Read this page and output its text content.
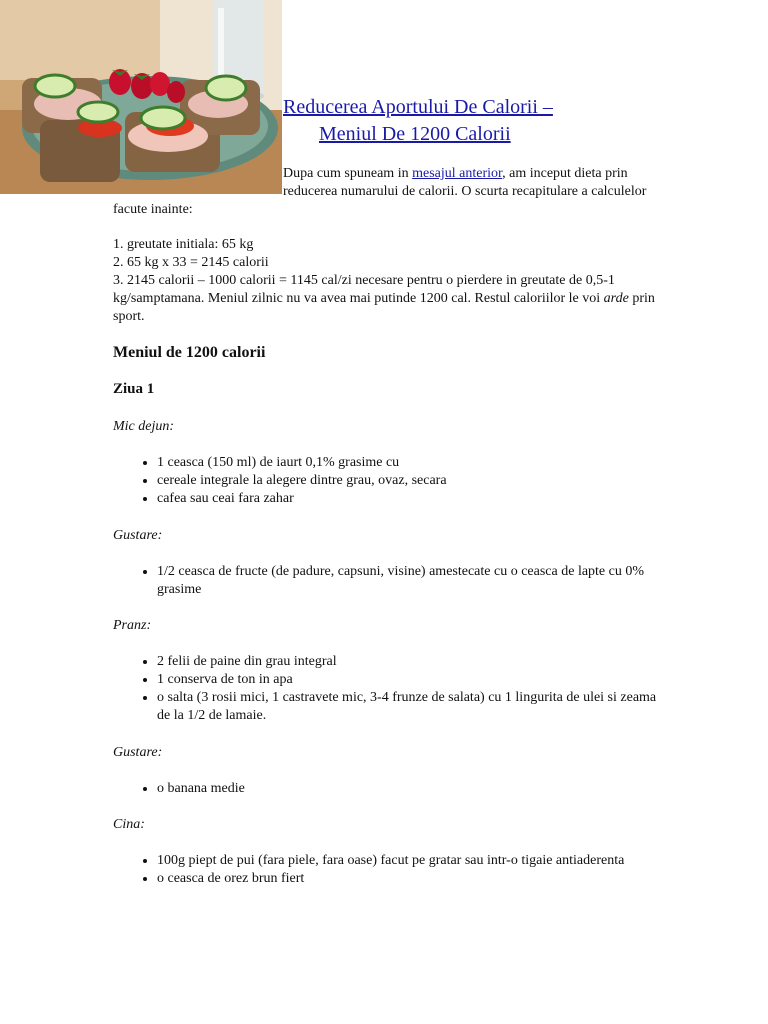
Reducerea Aportului De Calorii –
Meniul De 1200 Calorii

Dupa cum spuneam in mesajul anterior, am inceput dieta prin reducerea numarului de calorii. O scurta recapitulare a calculelor facute inainte:

1. greutate initiala: 65 kg

2. 65 kg x 33 = 2145 calorii

3. 2145 calorii – 1000 calorii = 1145 cal/zi necesare pentru o pierdere in greutate de 0,5-1 kg/samptamana. Meniul zilnic nu va avea mai putinde 1200 cal. Restul caloriilor le voi arde prin sport.

Meniul de 1200 calorii
Ziua 1

Mic dejun:

• 1 ceasca (150 ml) de iaurt 0,1% grasime cu
• cereale integrale la alegere dintre grau, ovaz, secara
• cafea sau ceai fara zahar

Gustare:

• 1/2 ceasca de fructe (de padure, capsuni, visine) amestecate cu o ceasca de lapte cu 0% grasime

Pranz:

• 2 felii de paine din grau integral
• 1 conserva de ton in apa
• o salta (3 rosii mici, 1 castravete mic, 3-4 frunze de salata) cu 1 lingurita de ulei si zeama de la 1/2 de lamaie.

Gustare:

• o banana medie

Cina:

• 100g piept de pui (fara piele, fara oase) facut pe gratar sau intr-o tigaie antiaderenta
• o ceasca de orez brun fiert
